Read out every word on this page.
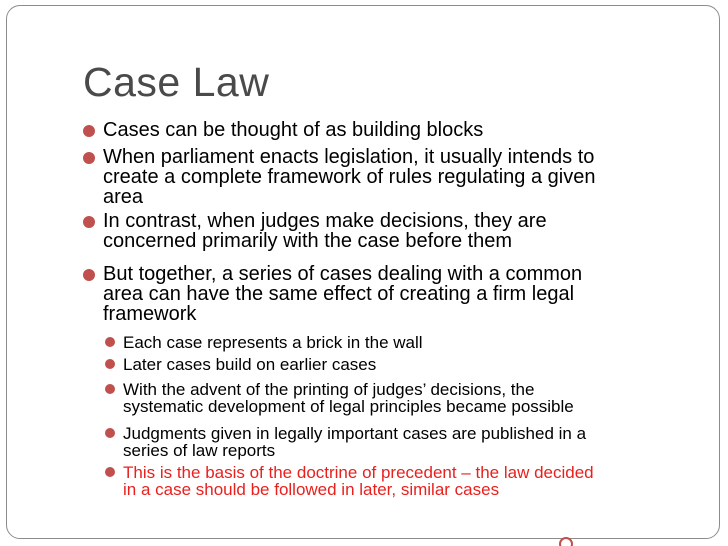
Case Law
Cases can be thought of as building blocks
When parliament enacts legislation, it usually intends to
create a complete framework of rules regulating a given
area
In contrast, when judges make decisions, they are
concerned primarily with the case before them
But together, a series of cases dealing with a common
area can have the same effect of creating a firm legal
framework
Each case represents a brick in the wall
Later cases build on earlier cases
With the advent of the printing of judges’ decisions, the
systematic development of legal principles became possible
Judgments given in legally important cases are published in a
series of law reports
This is the basis of the doctrine of precedent – the law decided
in a case should be followed in later, similar cases
